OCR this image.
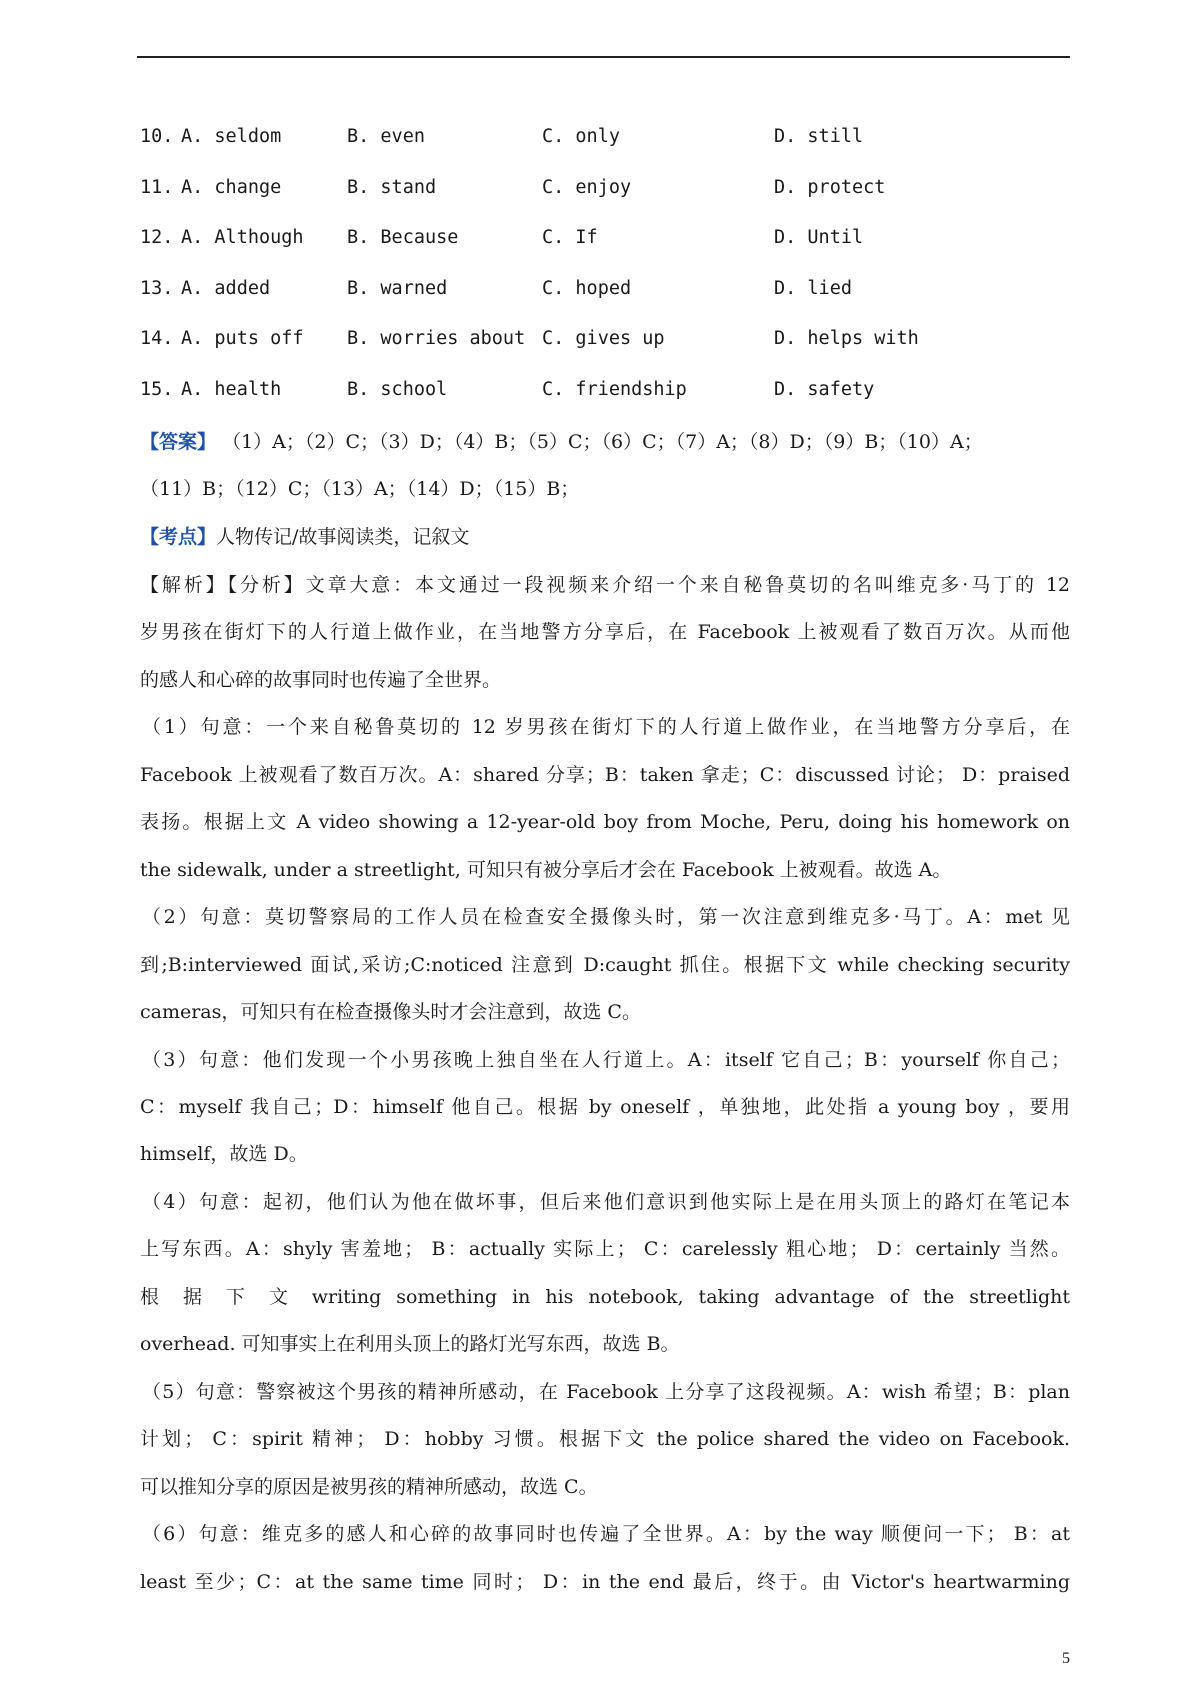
10. A. seldom	B. even	C. only	D. still
11. A. change	B. stand	C. enjoy	D. protect
12. A. Although B. Because	C. If	D. Until
13. A. added	B. warned	C. hoped	D. lied
14. A. puts off B. worries about C. gives up	D. helps with
15. A. health	B. school	C. friendship	D. safety
【答案】 （1）A；（2）C；（3）D；（4）B；（5）C；（6）C；（7）A；（8）D；（9）B；（10）A；
（11）B；（12）C；（13）A；（14）D；（15）B；
【考点】人物传记/故事阅读类，记叙文
【解析】【分析】文章大意：本文通过一段视频来介绍一个来自秘鲁莫切的名叫维克多·马丁的 12
岁男孩在街灯下的人行道上做作业，在当地警方分享后，在 Facebook 上被观看了数百万次。从而他
的感人和心碎的故事同时也传遍了全世界。
（1）句意：一个来自秘鲁莫切的 12 岁男孩在街灯下的人行道上做作业，在当地警方分享后，在
Facebook 上被观看了数百万次。A：shared 分享；B：taken 拿走；C：discussed 讨论； D：praised
表扬。根据上文 A video showing a 12-year-old boy from Moche, Peru, doing his homework on
the sidewalk, under a streetlight, 可知只有被分享后才会在 Facebook 上被观看。故选 A。
（2）句意：莫切警察局的工作人员在检查安全摄像头时，第一次注意到维克多·马丁。A：met 见
到;B:interviewed 面试,采访;C:noticed 注意到 D:caught 抓住。根据下文 while checking security
cameras，可知只有在检查摄像头时才会注意到，故选 C。
（3）句意：他们发现一个小男孩晚上独自坐在人行道上。A：itself 它自己；B：yourself 你自己；
C：myself 我自己；D：himself 他自己。根据 by oneself ，单独地，此处指 a young boy ，要用
himself，故选 D。
（4）句意：起初，他们认为他在做坏事，但后来他们意识到他实际上是在用头顶上的路灯在笔记本
上写东西。A：shyly 害羞地； B：actually 实际上； C：carelessly 粗心地； D：certainly 当然。
根 据 下 文 writing something in his notebook, taking advantage of the streetlight
overhead. 可知事实上在利用头顶上的路灯光写东西，故选 B。
（5）句意：警察被这个男孩的精神所感动，在 Facebook 上分享了这段视频。A：wish 希望；B：plan
计划； C：spirit 精神； D：hobby 习惯。根据下文 the police shared the video on Facebook.
可以推知分享的原因是被男孩的精神所感动，故选 C。
（6）句意：维克多的感人和心碎的故事同时也传遍了全世界。A：by the way 顺便问一下； B：at
least 至少；C：at the same time 同时； D：in the end 最后，终于。由 Victor's heartwarming
5
